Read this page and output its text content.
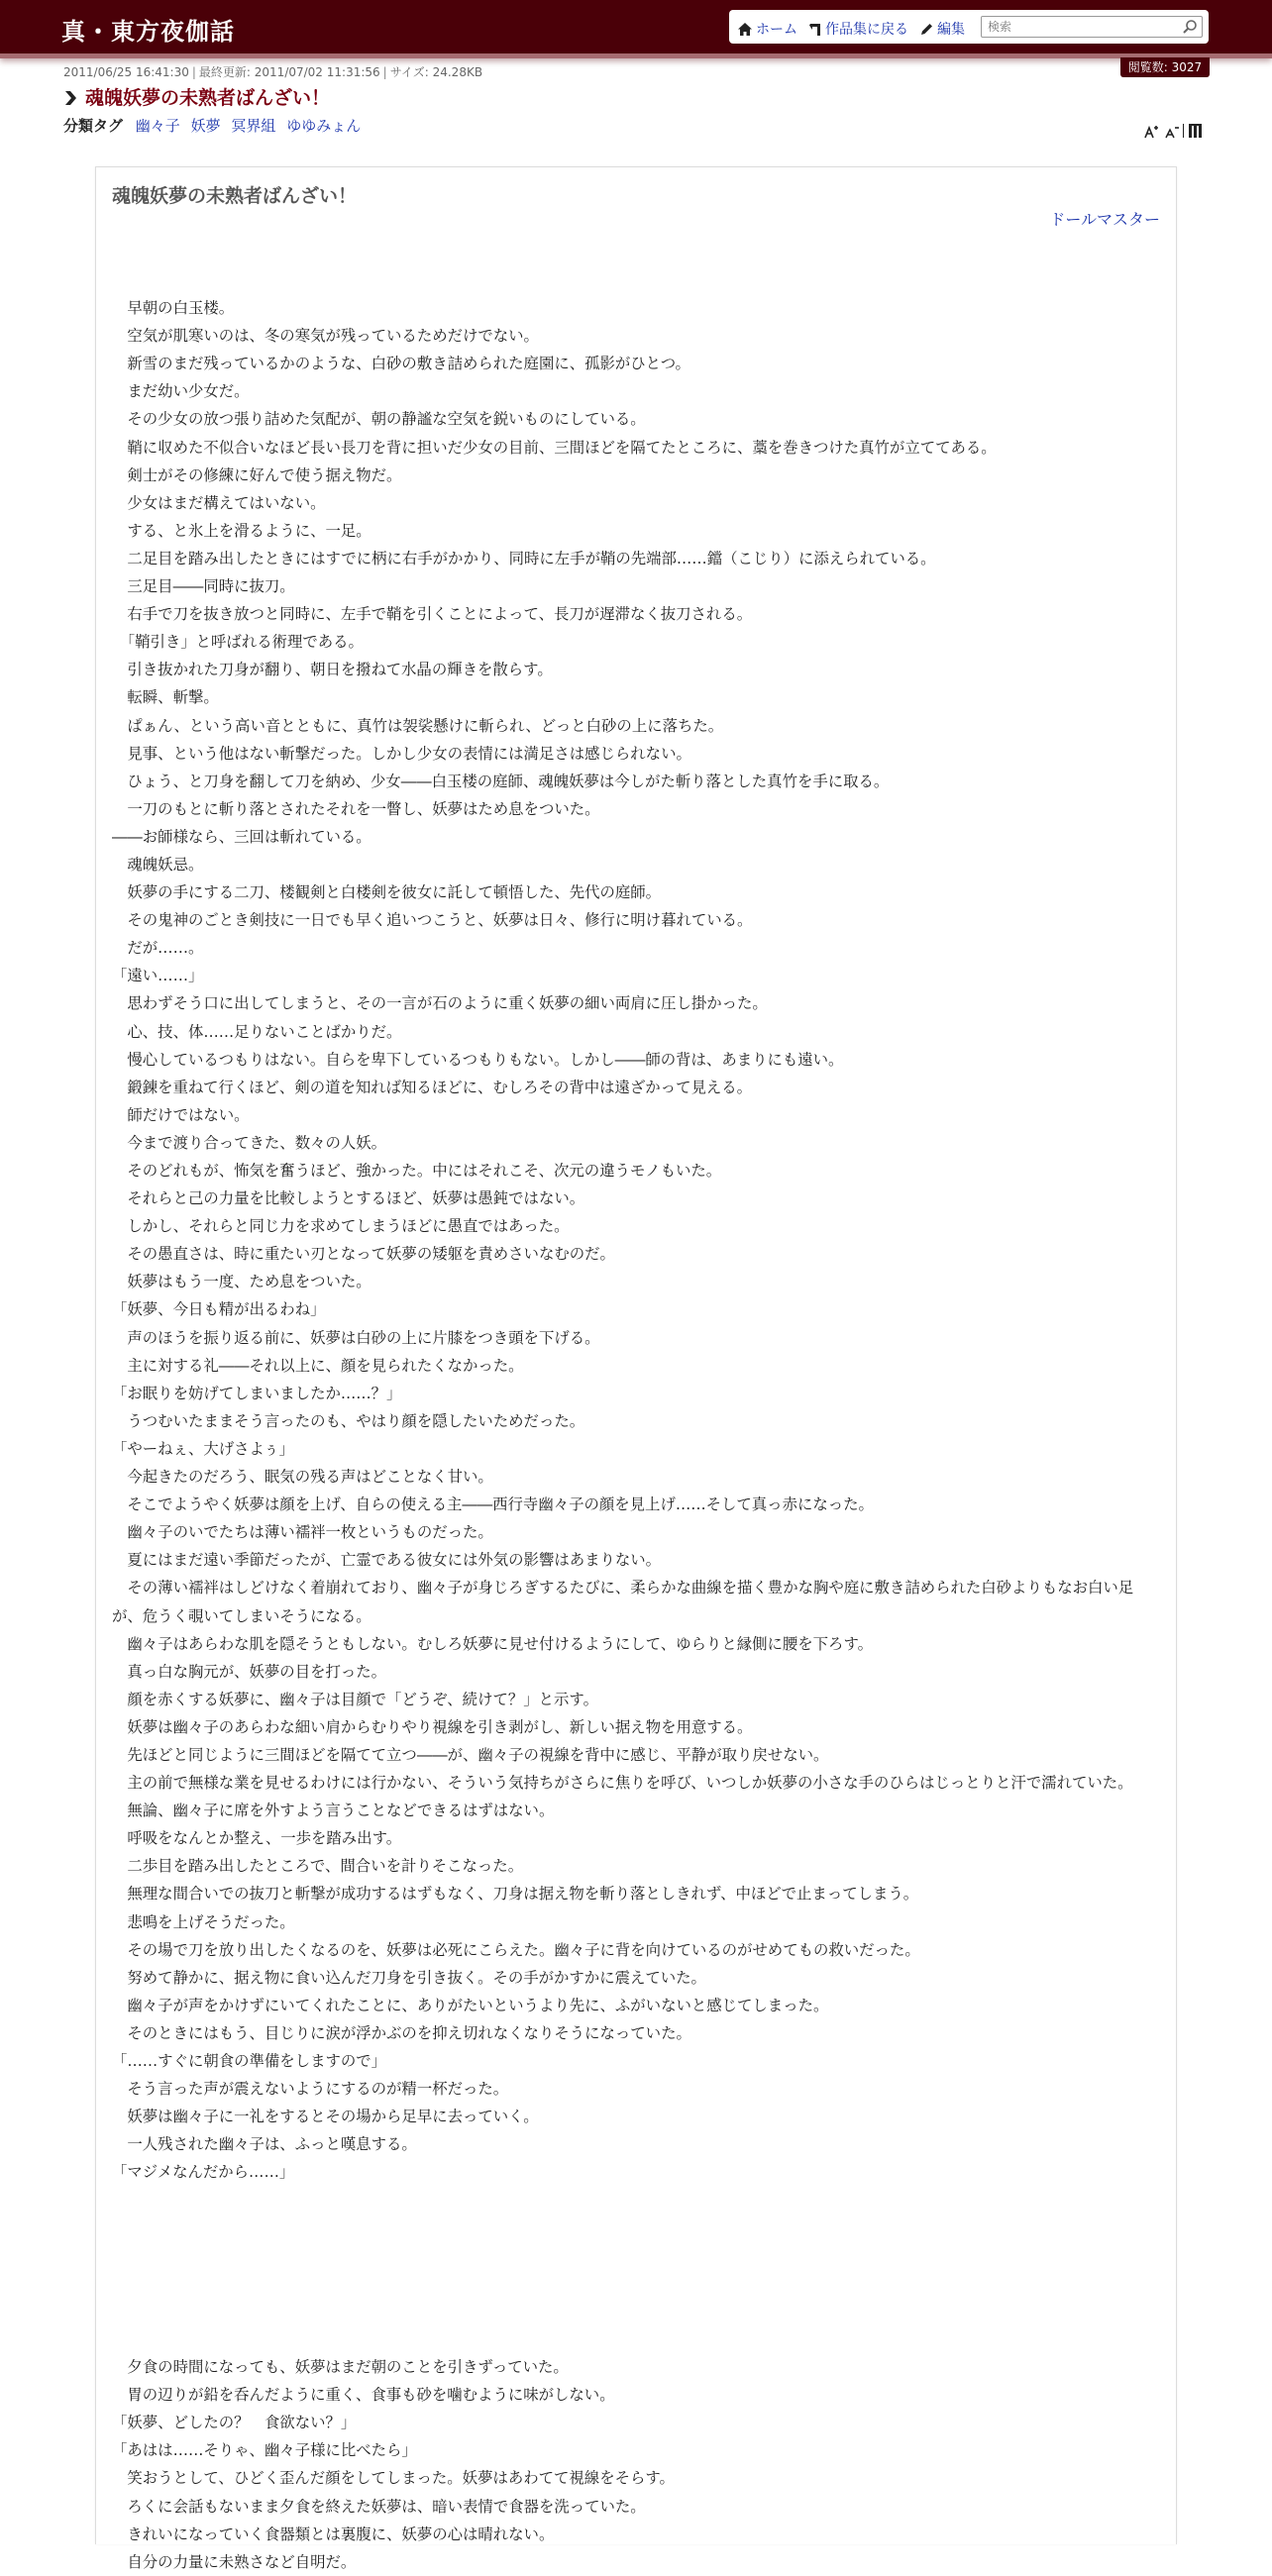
真・東方夜伽話	ホーム	作品集に戻る	編集
検索
閲覧数: 3027
2011/06/25 16:41:30 | 最終更新: 2011/07/02 11:31:56 | サイズ: 24.28KB
魂魄妖夢の未熟者ばんざい！
分類タグ 幽々子 妖夢 冥界組 ゆゆみょん
魂魄妖夢の未熟者ばんざい！
ドールマスター

　早朝の白玉楼。

　空気が肌寒いのは、冬の寒気が残っているためだけでない。

　新雪のまだ残っているかのような、白砂の敷き詰められた庭園に、孤影がひとつ。

　まだ幼い少女だ。

　その少女の放つ張り詰めた気配が、朝の静謐な空気を鋭いものにしている。

　鞘に収めた不似合いなほど長い長刀を背に担いだ少女の目前、三間ほどを隔てたところに、藁を巻きつけた真竹が立ててある。

　剣士がその修練に好んで使う据え物だ。

　少女はまだ構えてはいない。

　する、と氷上を滑るように、一足。

　二足目を踏み出したときにはすでに柄に右手がかかり、同時に左手が鞘の先端部……鐺（こじり）に添えられている。

　三足目――同時に抜刀。

　右手で刀を抜き放つと同時に、左手で鞘を引くことによって、長刀が遅滞なく抜刀される。

　「鞘引き」と呼ばれる術理である。

　引き抜かれた刀身が翻り、朝日を撥ねて水晶の輝きを散らす。

　転瞬、斬撃。

　ぱぁん、という高い音とともに、真竹は袈裟懸けに斬られ、どっと白砂の上に落ちた。

　見事、という他はない斬撃だった。しかし少女の表情には満足さは感じられない。

　ひょう、と刀身を翻して刀を納め、少女――白玉楼の庭師、魂魄妖夢は今しがた斬り落とした真竹を手に取る。

　一刀のもとに斬り落とされたそれを一瞥し、妖夢はため息をついた。

――お師様なら、三回は斬れている。

　魂魄妖忌。

　妖夢の手にする二刀、楼観剣と白楼剣を彼女に託して頓悟した、先代の庭師。

　その鬼神のごとき剣技に一日でも早く追いつこうと、妖夢は日々、修行に明け暮れている。

　だが……。

「遠い……」

　思わずそう口に出してしまうと、その一言が石のように重く妖夢の細い両肩に圧し掛かった。

　心、技、体……足りないことばかりだ。

　慢心しているつもりはない。自らを卑下しているつもりもない。しかし――師の背は、あまりにも遠い。

　鍛錬を重ねて行くほど、剣の道を知れば知るほどに、むしろその背中は遠ざかって見える。

　師だけではない。

　今まで渡り合ってきた、数々の人妖。

　そのどれもが、怖気を奮うほど、強かった。中にはそれこそ、次元の違うモノもいた。

　それらと己の力量を比較しようとするほど、妖夢は愚鈍ではない。

　しかし、それらと同じ力を求めてしまうほどに愚直ではあった。

　その愚直さは、時に重たい刃となって妖夢の矮躯を責めさいなむのだ。

　妖夢はもう一度、ため息をついた。

「妖夢、今日も精が出るわね」

　声のほうを振り返る前に、妖夢は白砂の上に片膝をつき頭を下げる。

　主に対する礼――それ以上に、顔を見られたくなかった。

「お眠りを妨げてしまいましたか……？」

　うつむいたままそう言ったのも、やはり顔を隠したいためだった。

「やーねぇ、大げさよぅ」

　今起きたのだろう、眠気の残る声はどことなく甘い。

　そこでようやく妖夢は顔を上げ、自らの使える主――西行寺幽々子の顔を見上げ……そして真っ赤になった。

　幽々子のいでたちは薄い襦袢一枚というものだった。

　夏にはまだ遠い季節だったが、亡霊である彼女には外気の影響はあまりない。

　その薄い襦袢はしどけなく着崩れており、幽々子が身じろぎするたびに、柔らかな曲線を描く豊かな胸や庭に敷き詰められた白砂よりもなお白い足が、危うく覗いてしまいそうになる。

　幽々子はあらわな肌を隠そうともしない。むしろ妖夢に見せ付けるようにして、ゆらりと縁側に腰を下ろす。

　真っ白な胸元が、妖夢の目を打った。

　顔を赤くする妖夢に、幽々子は目顔で「どうぞ、続けて？」と示す。

　妖夢は幽々子のあらわな細い肩からむりやり視線を引き剥がし、新しい据え物を用意する。

　先ほどと同じように三間ほどを隔てて立つ――が、幽々子の視線を背中に感じ、平静が取り戻せない。

　主の前で無様な業を見せるわけには行かない、そういう気持ちがさらに焦りを呼び、いつしか妖夢の小さな手のひらはじっとりと汗で濡れていた。

　無論、幽々子に席を外すよう言うことなどできるはずはない。

　呼吸をなんとか整え、一歩を踏み出す。

　二歩目を踏み出したところで、間合いを計りそこなった。

　無理な間合いでの抜刀と斬撃が成功するはずもなく、刀身は据え物を斬り落としきれず、中ほどで止まってしまう。

　悲鳴を上げそうだった。

　その場で刀を放り出したくなるのを、妖夢は必死にこらえた。幽々子に背を向けているのがせめてもの救いだった。

　努めて静かに、据え物に食い込んだ刀身を引き抜く。その手がかすかに震えていた。

　幽々子が声をかけずにいてくれたことに、ありがたいというより先に、ふがいないと感じてしまった。

　そのときにはもう、目じりに涙が浮かぶのを抑え切れなくなりそうになっていた。

「……すぐに朝食の準備をしますので」

　そう言った声が震えないようにするのが精一杯だった。

　妖夢は幽々子に一礼をするとその場から足早に去っていく。

　一人残された幽々子は、ふっと嘆息する。

「マジメなんだから……」

　夕食の時間になっても、妖夢はまだ朝のことを引きずっていた。

　胃の辺りが鉛を呑んだように重く、食事も砂を噛むように味がしない。

「妖夢、どしたの？　食欲ない？」

「あはは……そりゃ、幽々子様に比べたら」

　笑おうとして、ひどく歪んだ顔をしてしまった。妖夢はあわてて視線をそらす。

　ろくに会話もないまま夕食を終えた妖夢は、暗い表情で食器を洗っていた。

　きれいになっていく食器類とは裏腹に、妖夢の心は晴れない。

　自分の力量に未熟さなど自明だ。
